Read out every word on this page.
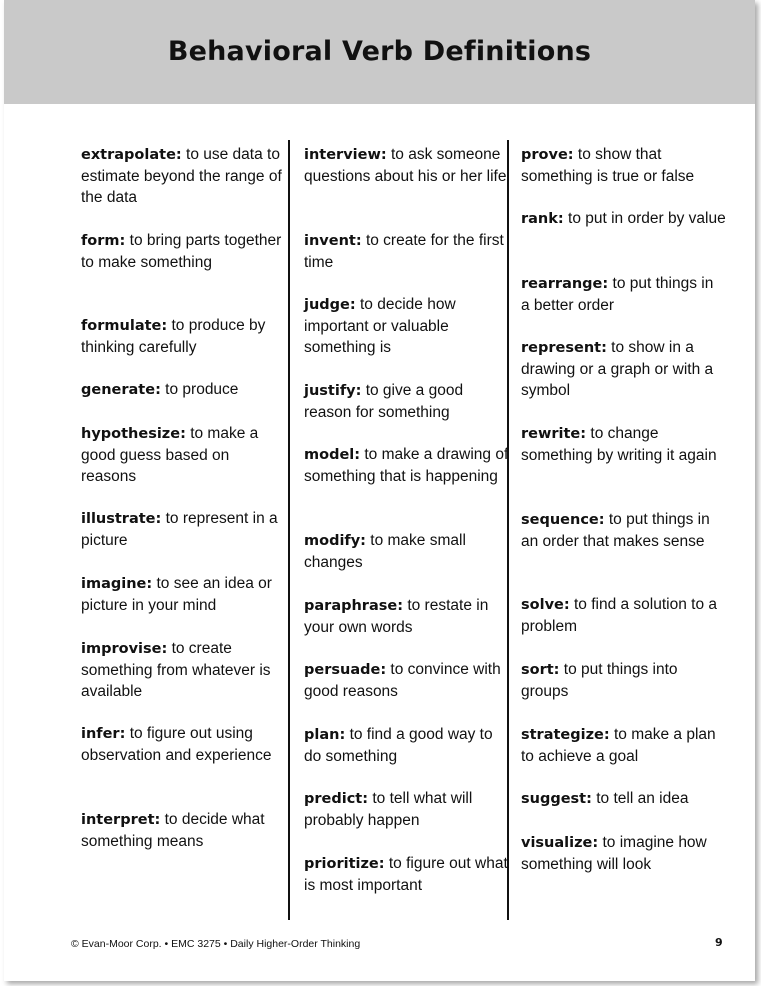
Behavioral Verb Definitions
extrapolate: to use data to estimate beyond the range of the data
form: to bring parts together to make something
formulate: to produce by thinking carefully
generate: to produce
hypothesize: to make a good guess based on reasons
illustrate: to represent in a picture
imagine: to see an idea or picture in your mind
improvise: to create something from whatever is available
infer: to figure out using observation and experience
interpret: to decide what something means
interview: to ask someone questions about his or her life
invent: to create for the first time
judge: to decide how important or valuable something is
justify: to give a good reason for something
model: to make a drawing of something that is happening
modify: to make small changes
paraphrase: to restate in your own words
persuade: to convince with good reasons
plan: to find a good way to do something
predict: to tell what will probably happen
prioritize: to figure out what is most important
prove: to show that something is true or false
rank: to put in order by value
rearrange: to put things in a better order
represent: to show in a drawing or a graph or with a symbol
rewrite: to change something by writing it again
sequence: to put things in an order that makes sense
solve: to find a solution to a problem
sort: to put things into groups
strategize: to make a plan to achieve a goal
suggest: to tell an idea
visualize: to imagine how something will look
© Evan-Moor Corp. • EMC 3275 • Daily Higher-Order Thinking	9
